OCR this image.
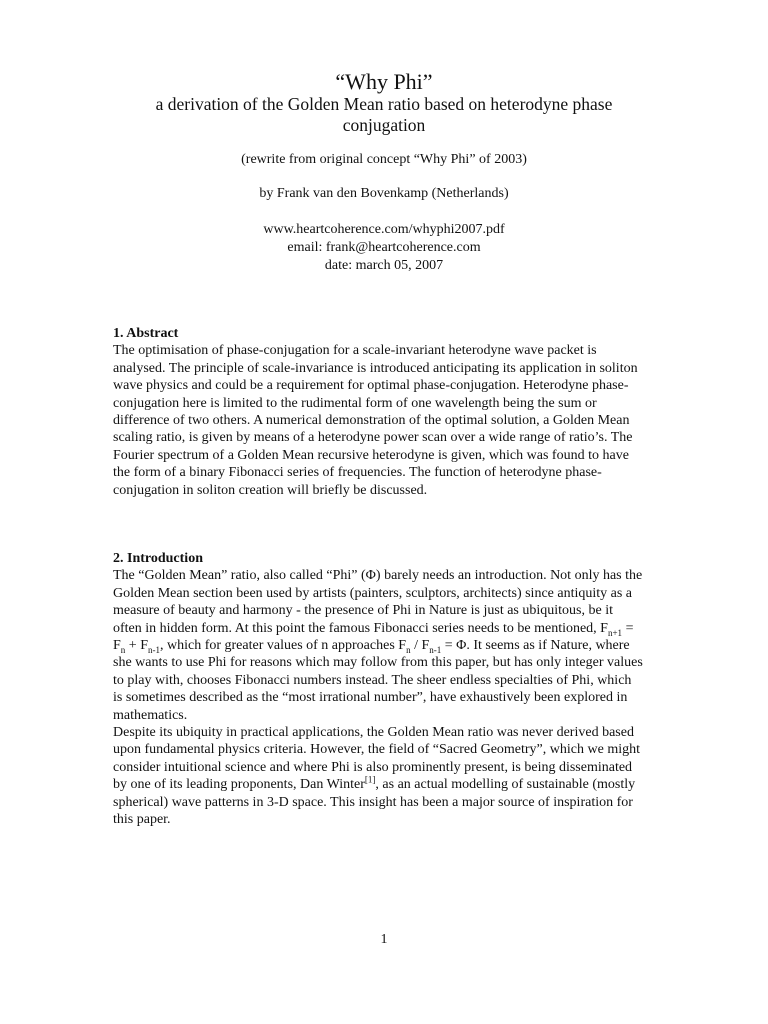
“Why Phi”
a derivation of the Golden Mean ratio based on heterodyne phase conjugation
(rewrite from original concept “Why Phi” of 2003)
by Frank van den Bovenkamp (Netherlands)
www.heartcoherence.com/whyphi2007.pdf
email: frank@heartcoherence.com
date: march 05, 2007
1. Abstract

The optimisation of phase-conjugation for a scale-invariant heterodyne wave packet is analysed. The principle of scale-invariance is introduced anticipating its application in soliton wave physics and could be a requirement for optimal phase-conjugation. Heterodyne phase-conjugation here is limited to the rudimental form of one wavelength being the sum or difference of two others. A numerical demonstration of the optimal solution, a Golden Mean scaling ratio, is given by means of a heterodyne power scan over a wide range of ratio’s. The Fourier spectrum of a Golden Mean recursive heterodyne is given, which was found to have the form of a binary Fibonacci series of frequencies. The function of heterodyne phase-conjugation in soliton creation will briefly be discussed.

2. Introduction

The “Golden Mean” ratio, also called “Phi” (Φ) barely needs an introduction. Not only has the Golden Mean section been used by artists (painters, sculptors, architects) since antiquity as a measure of beauty and harmony - the presence of Phi in Nature is just as ubiquitous, be it often in hidden form. At this point the famous Fibonacci series needs to be mentioned, $F_{n+1} = F_n + F_{n-1}$, which for greater values of n approaches $F_n / F_{n-1} = \Phi$. It seems as if Nature, where she wants to use Phi for reasons which may follow from this paper, but has only integer values to play with, chooses Fibonacci numbers instead. The sheer endless specialties of Phi, which is sometimes described as the “most irrational number”, have exhaustively been explored in mathematics.

Despite its ubiquity in practical applications, the Golden Mean ratio was never derived based upon fundamental physics criteria. However, the field of “Sacred Geometry”, which we might consider intuitional science and where Phi is also prominently present, is being disseminated by one of its leading proponents, Dan Winter[1], as an actual modelling of sustainable (mostly spherical) wave patterns in 3-D space. This insight has been a major source of inspiration for this paper.

1
